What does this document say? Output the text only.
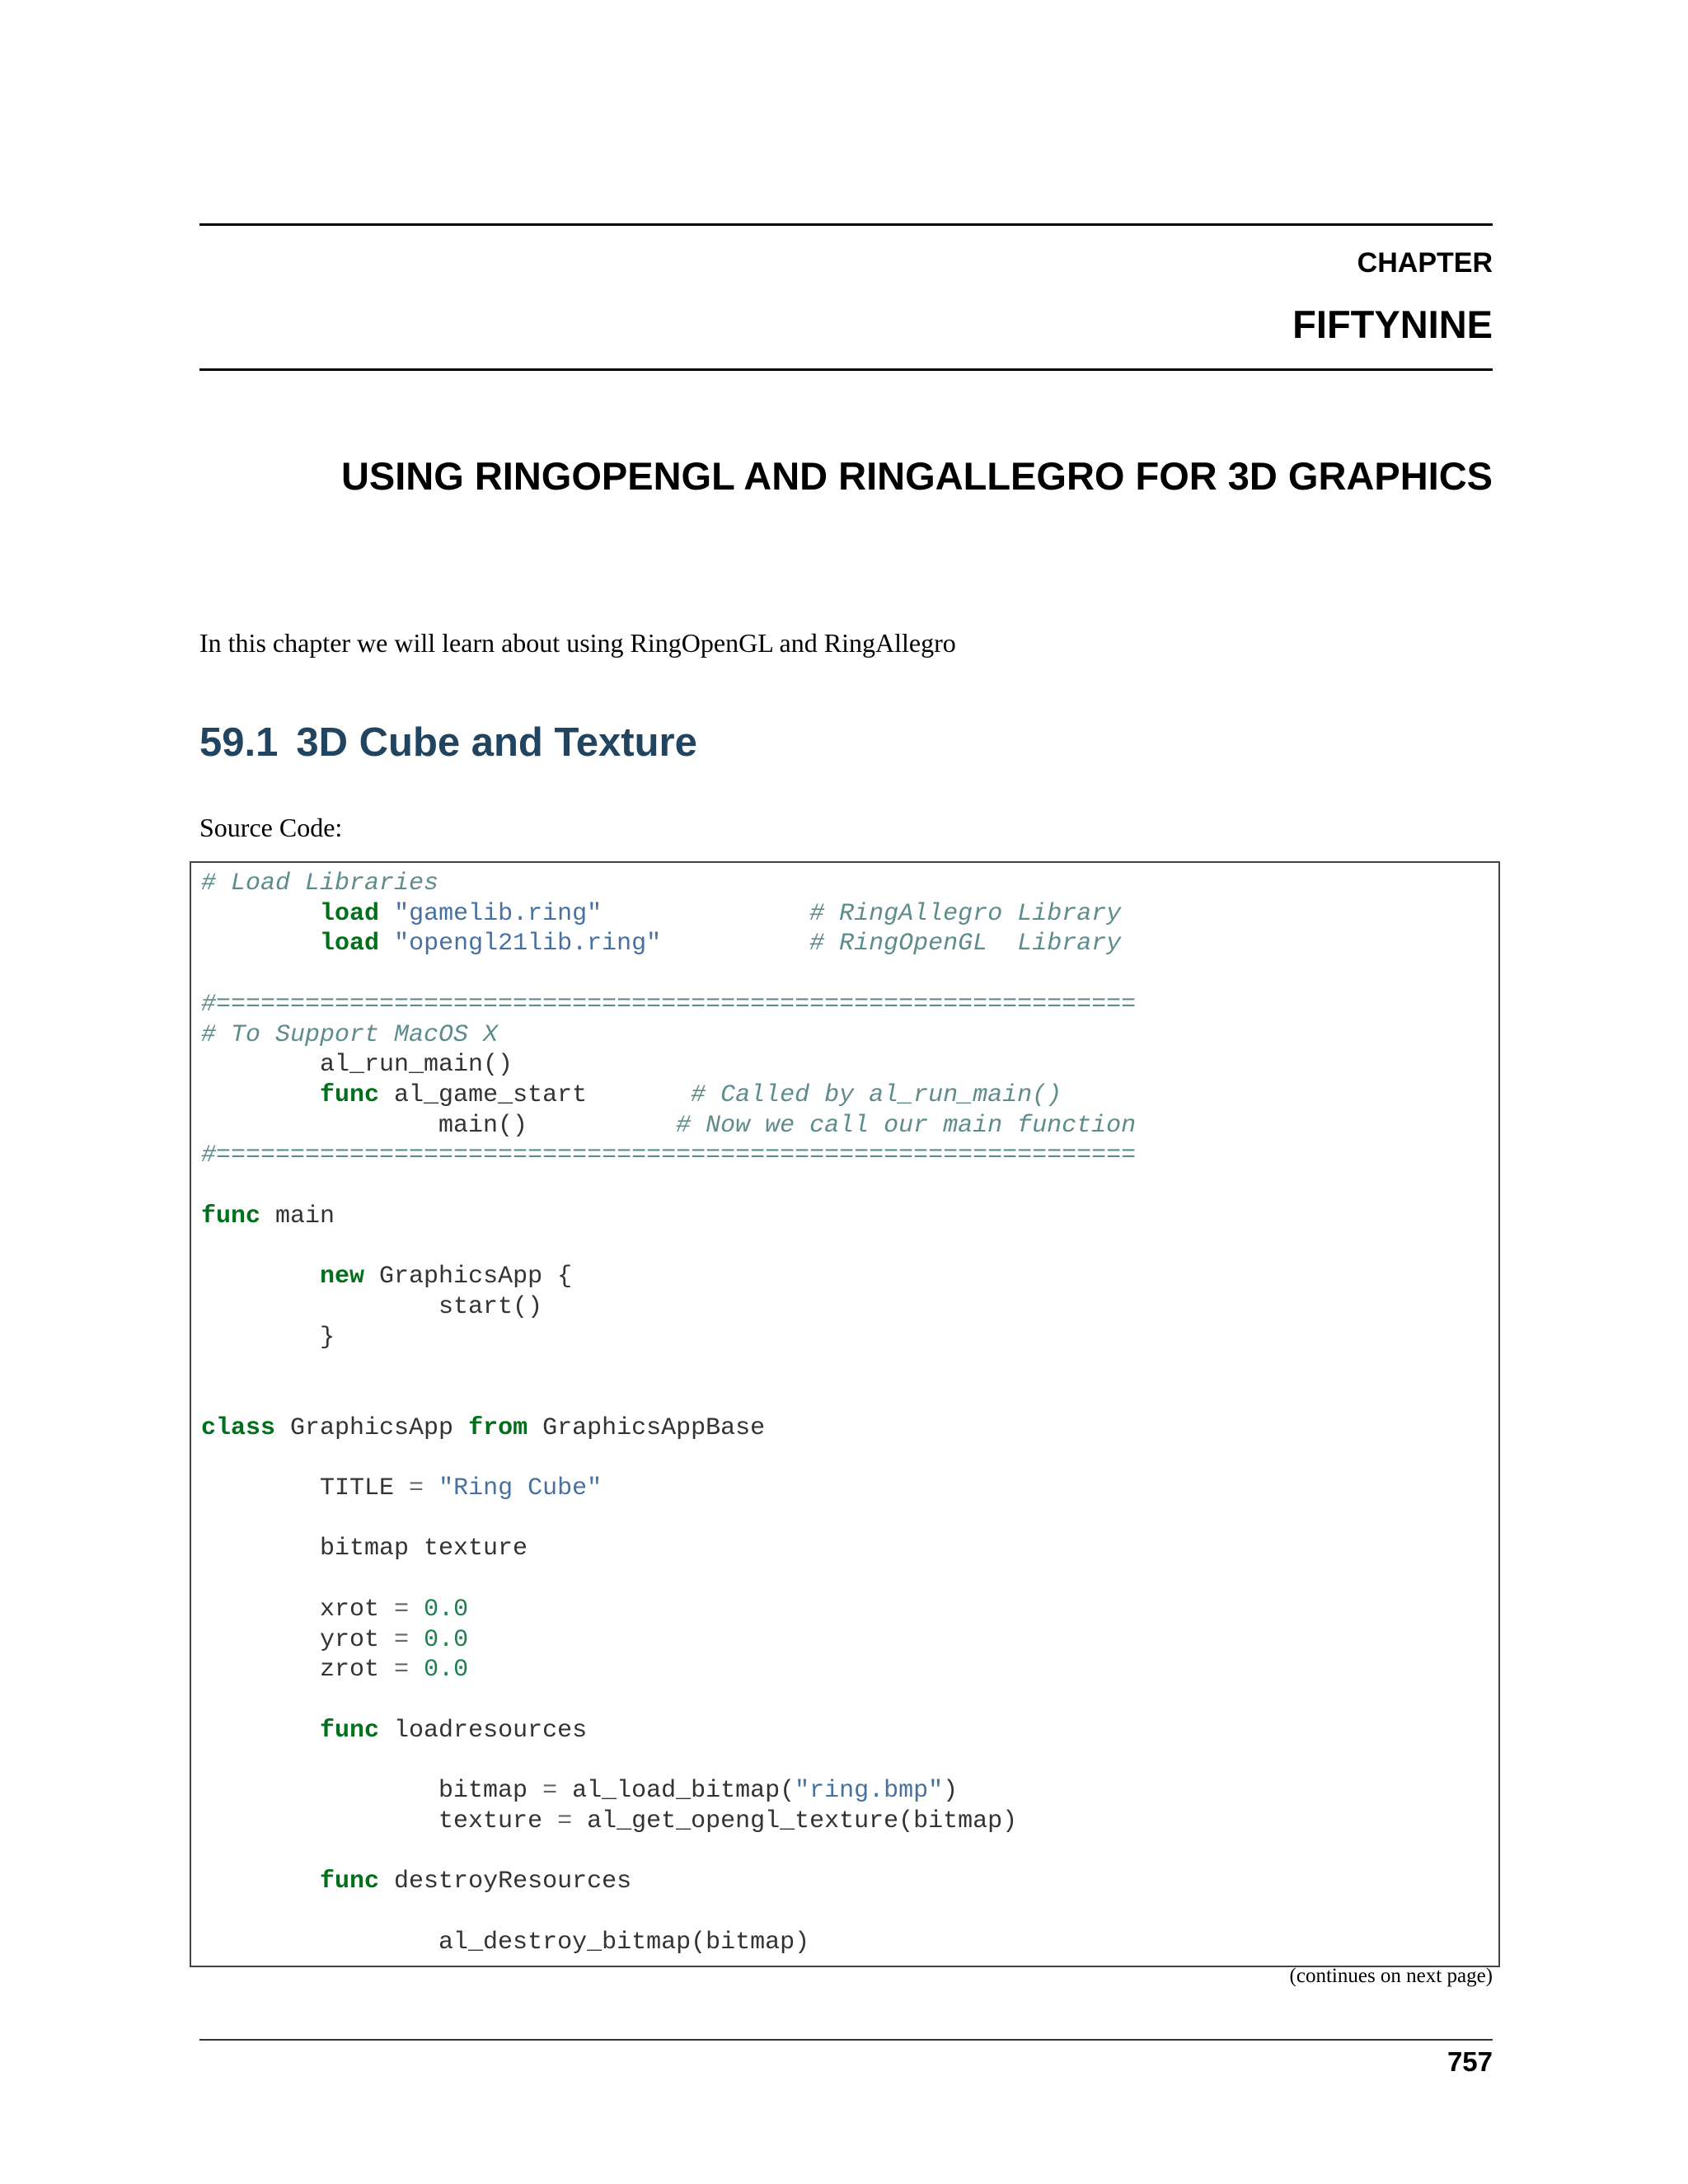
CHAPTER
FIFTYNINE
USING RINGOPENGL AND RINGALLEGRO FOR 3D GRAPHICS

In this chapter we will learn about using RingOpenGL and RingAllegro

59.1 3D Cube and Texture

Source Code:

# Load Libraries
load "gamelib.ring"	# RingAllegro Library
load "opengl21lib.ring"	# RingOpenGL  Library
#==============================================================
# To Support MacOS X
al_run_main()
func al_game_start       # Called by al_run_main()
main()          # Now we call our main function
#==============================================================
func main
new GraphicsApp {
start()
}
class GraphicsApp from GraphicsAppBase
TITLE = "Ring Cube"
bitmap texture
xrot = 0.0
yrot = 0.0
zrot = 0.0
func loadresources
bitmap = al_load_bitmap("ring.bmp")
texture = al_get_opengl_texture(bitmap)
func destroyResources
al_destroy_bitmap(bitmap)
(continues on next page)
757
